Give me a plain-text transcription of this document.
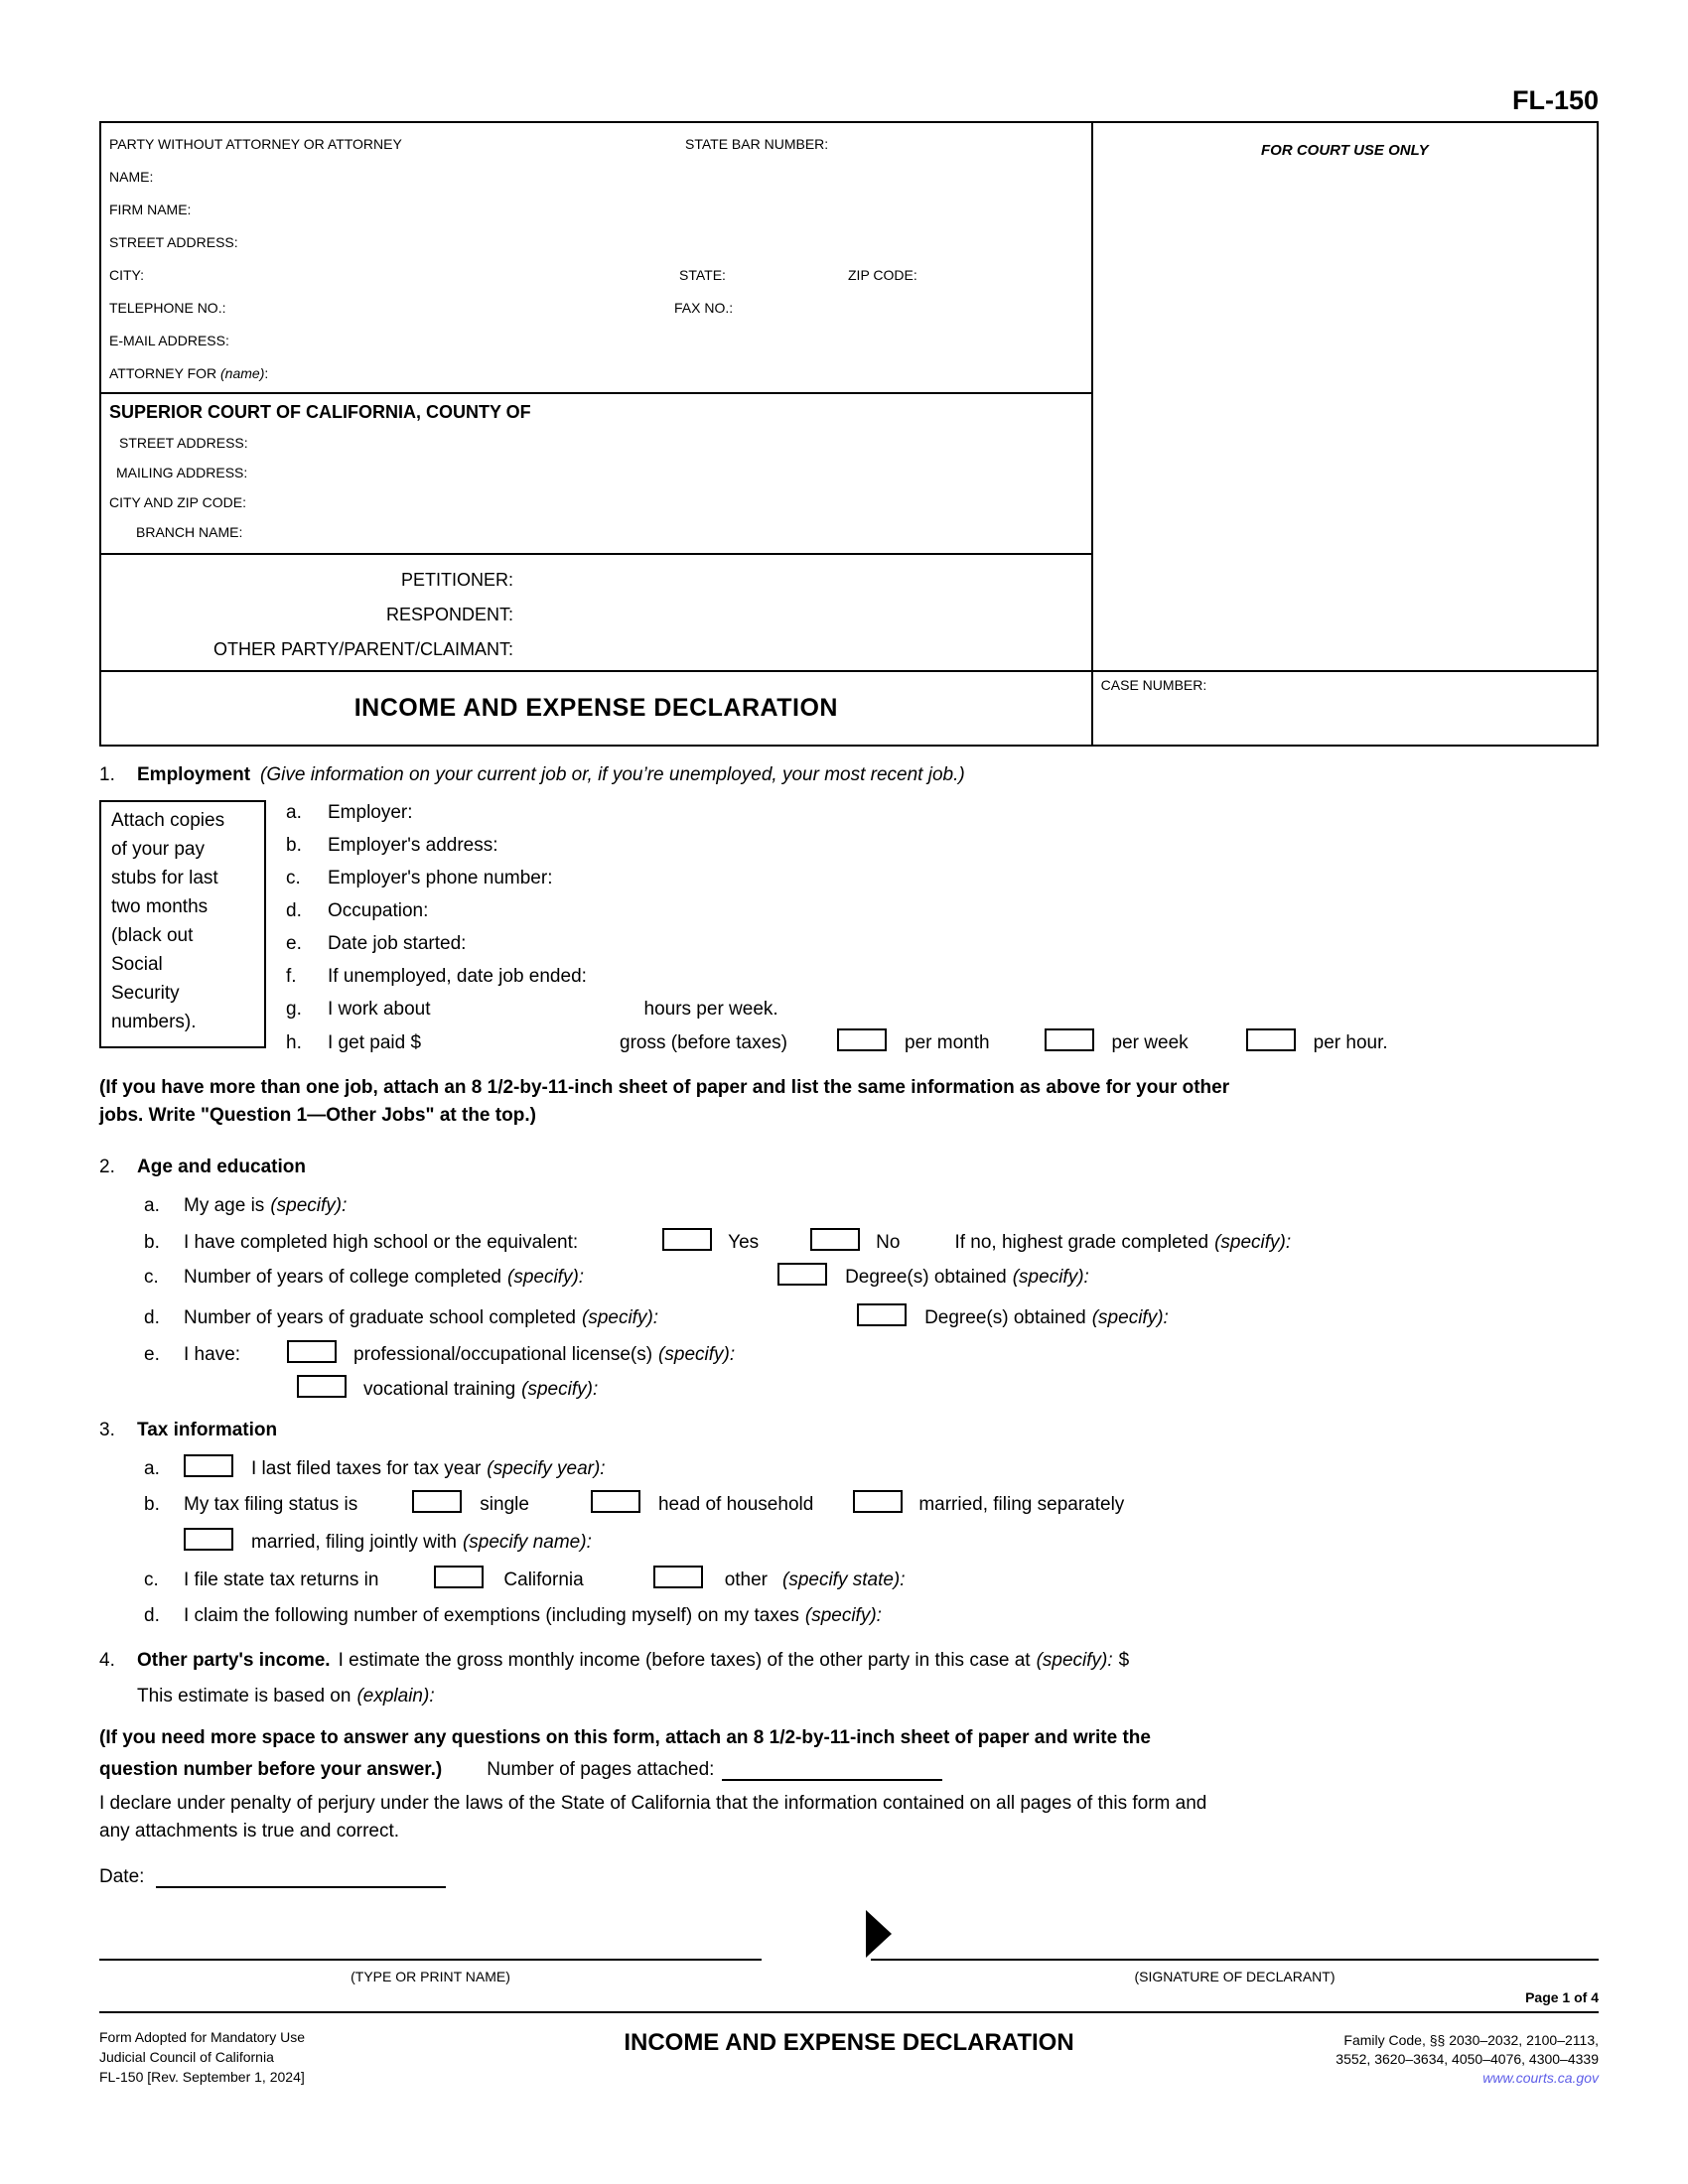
FL-150
PARTY WITHOUT ATTORNEY OR ATTORNEY	STATE BAR NUMBER:
NAME:
FIRM NAME:
STREET ADDRESS:
CITY:	STATE:	ZIP CODE:
TELEPHONE NO.:	FAX NO.:
E-MAIL ADDRESS:
ATTORNEY FOR (name):
SUPERIOR COURT OF CALIFORNIA, COUNTY OF
STREET ADDRESS:
MAILING ADDRESS:
CITY AND ZIP CODE:
BRANCH NAME:
PETITIONER:
RESPONDENT:
OTHER PARTY/PARENT/CLAIMANT:
INCOME AND EXPENSE DECLARATION
FOR COURT USE ONLY
CASE NUMBER:
1. Employment (Give information on your current job or, if you’re unemployed, your most recent job.)
Attach copies of your pay stubs for last two months (black out Social Security numbers).
a. Employer:
b. Employer's address:
c. Employer's phone number:
d. Occupation:
e. Date job started:
f. If unemployed, date job ended:
g. I work about	hours per week.
h. I get paid $	gross (before taxes)	per month	per week	per hour.
(If you have more than one job, attach an 8 1/2-by-11-inch sheet of paper and list the same information as above for your other
jobs. Write "Question 1—Other Jobs" at the top.)
2. Age and education
a. My age is (specify):
b. I have completed high school or the equivalent:	Yes	No	If no, highest grade completed (specify):
c. Number of years of college completed (specify):	Degree(s) obtained (specify):
d. Number of years of graduate school completed (specify):	Degree(s) obtained (specify):
e. I have:	professional/occupational license(s) (specify):
vocational training (specify):
3. Tax information
a.	I last filed taxes for tax year (specify year):
b. My tax filing status is	single	head of household	married, filing separately
married, filing jointly with (specify name):
c. I file state tax returns in	California	other (specify state):
d. I claim the following number of exemptions (including myself) on my taxes (specify):
4. Other party's income. I estimate the gross monthly income (before taxes) of the other party in this case at (specify): $
This estimate is based on (explain):
(If you need more space to answer any questions on this form, attach an 8 1/2-by-11-inch sheet of paper and write the
question number before your answer.) Number of pages attached:
I declare under penalty of perjury under the laws of the State of California that the information contained on all pages of this form and
any attachments is true and correct.
Date:
(TYPE OR PRINT NAME)	(SIGNATURE OF DECLARANT)
Page 1 of 4
Form Adopted for Mandatory Use
Judicial Council of California
FL-150 [Rev. September 1, 2024]
INCOME AND EXPENSE DECLARATION	Family Code, §§ 2030–2032, 2100–2113,
3552, 3620–3634, 4050–4076, 4300–4339
www.courts.ca.gov
